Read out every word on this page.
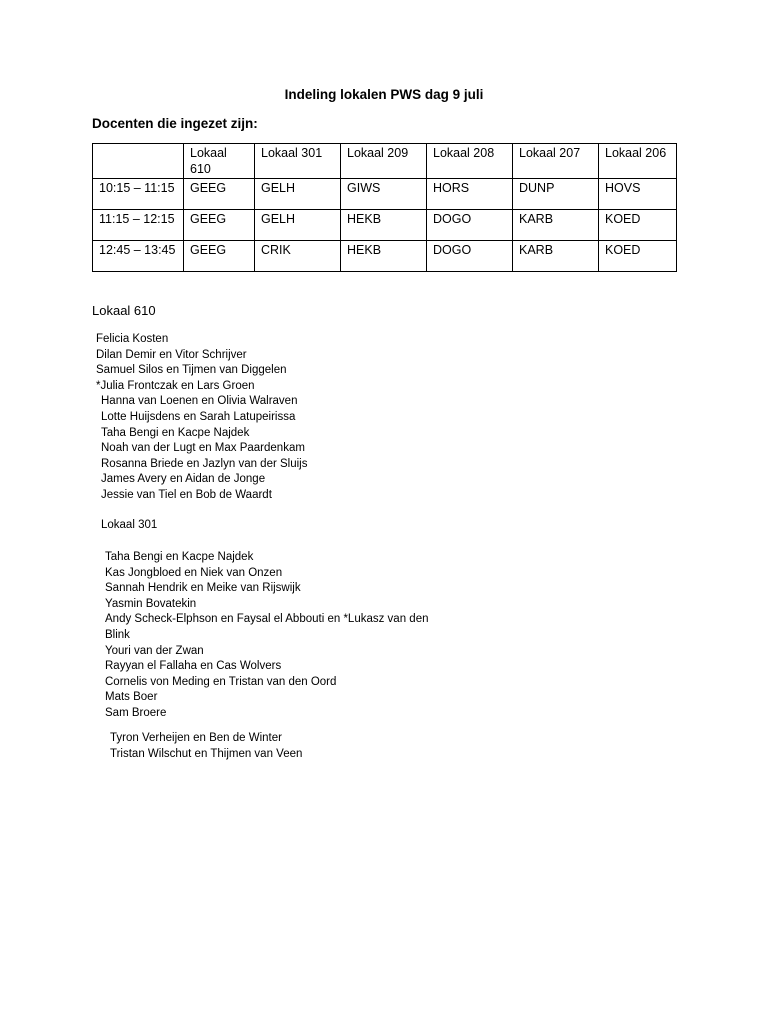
Indeling lokalen PWS dag 9 juli
Docenten die ingezet zijn:
	Lokaal 610	Lokaal 301	Lokaal 209	Lokaal 208	Lokaal 207	Lokaal 206
10:15 – 11:15	GEEG	GELH	GIWS	HORS	DUNP	HOVS
11:15 – 12:15	GEEG	GELH	HEKB	DOGO	KARB	KOED
12:45 – 13:45	GEEG	CRIK	HEKB	DOGO	KARB	KOED
Lokaal 610
Felicia Kosten
Dilan Demir en Vitor Schrijver
Samuel Silos en Tijmen van Diggelen
*Julia Frontczak en Lars Groen
Hanna van Loenen en Olivia Walraven
Lotte Huijsdens en Sarah Latupeirissa
Taha Bengi en Kacpe Najdek
Noah van der Lugt en Max Paardenkam
Rosanna Briede en Jazlyn van der Sluijs
James Avery en Aidan de Jonge
Jessie van Tiel en Bob de Waardt
Lokaal 301
Taha Bengi en Kacpe Najdek
Kas Jongbloed en Niek van Onzen
Sannah Hendrik en Meike van Rijswijk
Yasmin Bovatekin
Andy Scheck-Elphson en Faysal el Abbouti en *Lukasz van den Blink
Youri van der Zwan
Rayyan el Fallaha en Cas Wolvers
Cornelis von Meding en Tristan van den Oord
Mats Boer
Sam Broere
Tyron Verheijen en Ben de Winter
Tristan Wilschut en Thijmen van Veen
